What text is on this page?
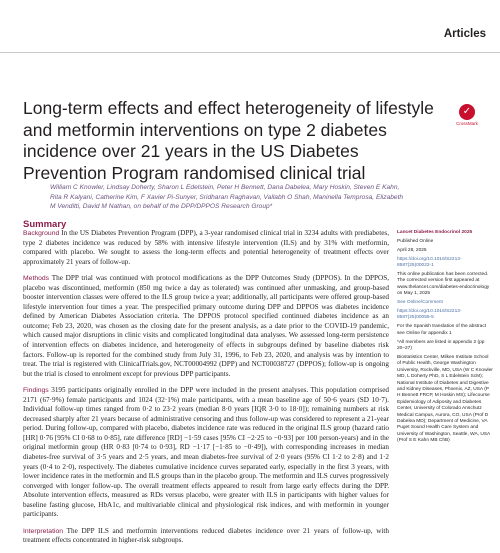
Articles
Long-term effects and effect heterogeneity of lifestyle and metformin interventions on type 2 diabetes incidence over 21 years in the US Diabetes Prevention Program randomised clinical trial
✓
CrossMark
William C Knowler, Lindsay Doherty, Sharon L Edelstein, Peter H Bennett, Dana Dabelea, Mary Hoskin, Steven E Kahn, Rita R Kalyani, Catherine Kim, F Xavier Pi-Sunyer, Sridharan Raghavan, Vallabh O Shah, Maninella Temprosa, Elizabeth M Venditti, David M Nathan, on behalf of the DPP/DPPOS Research Group*
Summary

Background In the US Diabetes Prevention Program (DPP), a 3-year randomised clinical trial in 3234 adults with prediabetes, type 2 diabetes incidence was reduced by 58% with intensive lifestyle intervention (ILS) and by 31% with metformin, compared with placebo. We sought to assess the long-term effects and potential heterogeneity of treatment effects over approximately 21 years of follow-up.

Methods The DPP trial was continued with protocol modifications as the DPP Outcomes Study (DPPOS). In the DPPOS, placebo was discontinued, metformin (850 mg twice a day as tolerated) was continued after unmasking, and group-based booster intervention classes were offered to the ILS group twice a year; additionally, all participants were offered group-based lifestyle intervention four times a year. The prespecified primary outcome during DPP and DPPOS was diabetes incidence defined by American Diabetes Association criteria. The DPPOS protocol specified continued diabetes incidence as an outcome; Feb 23, 2020, was chosen as the closing date for the present analysis, as a date prior to the COVID-19 pandemic, which caused major disruptions in clinic visits and complicated longitudinal data analyses. We assessed long-term persistence of intervention effects on diabetes incidence, and heterogeneity of effects in subgroups defined by baseline diabetes risk factors. Follow-up is reported for the combined study from July 31, 1996, to Feb 23, 2020, and analysis was by intention to treat. The trial is registered with ClinicalTrials.gov, NCT00004992 (DPP) and NCT00038727 (DPPOS); follow-up is ongoing but the trial is closed to enrolment except for previous DPP participants.

Findings 3195 participants originally enrolled in the DPP were included in the present analyses. This population comprised 2171 (67·9%) female participants and 1024 (32·1%) male participants, with a mean baseline age of 50·6 years (SD 10·7). Individual follow-up times ranged from 0·2 to 23·2 years (median 8·0 years [IQR 3·0 to 18·0]); remaining numbers at risk decreased sharply after 21 years because of administrative censoring and thus follow-up was considered to represent a 21-year period. During follow-up, compared with placebo, diabetes incidence rate was reduced in the original ILS group (hazard ratio [HR] 0·76 [95% CI 0·68 to 0·85], rate difference [RD] −1·59 cases [95% CI −2·25 to −0·93] per 100 person-years) and in the original metformin group (HR 0·83 [0·74 to 0·93], RD −1·17 [−1·85 to −0·49]), with corresponding increases in median diabetes-free survival of 3·5 years and 2·5 years, and mean diabetes-free survival of 2·0 years (95% CI 1·2 to 2·8) and 1·2 years (0·4 to 2·0), respectively. The diabetes cumulative incidence curves separated early, especially in the first 3 years, with lower incidence rates in the metformin and ILS groups than in the placebo group. The metformin and ILS curves progressively converged with longer follow-up. The overall treatment effects appeared to result from large early effects during the DPP. Absolute intervention effects, measured as RDs versus placebo, were greater with ILS in participants with higher values for baseline fasting glucose, HbA1c, and multivariable clinical and physiological risk indices, and with metformin in younger participants.

Interpretation The DPP ILS and metformin interventions reduced diabetes incidence over 21 years of follow-up, with treatment effects concentrated in higher-risk subgroups.

Lancet Diabetes Endocrinol 2025

Published Online

April 28, 2025

https://doi.org/10.1016/S2213-8587(25)00022-1

This online publication has been corrected. The corrected version first appeared at www.thelancet.com/diabetes-endocrinology on May 1, 2025

See Online/Comment

https://doi.org/10.1016/S2213-8587(25)00055-5

For the Spanish translation of the abstract see Online for appendix 1

*All members are listed in appendix 2 (pp 20–27)

Biostatistics Center, Milken Institute School of Public Health, George Washington University, Rockville, MD, USA (W C Knowler MD, L Doherty PhD, S L Edelstein ScM); National Institute of Diabetes and Digestive and Kidney Diseases, Phoenix, AZ, USA (P H Bennett FRCP, M Hoskin MS); Lifecourse Epidemiology of Adiposity and Diabetes Center, University of Colorado Anschutz Medical Campus, Aurora, CO, USA (Prof D Dabelea MD); Department of Medicine, VA Puget Sound Health Care System and University of Washington, Seattle, WA, USA (Prof S E Kahn MB ChB)
